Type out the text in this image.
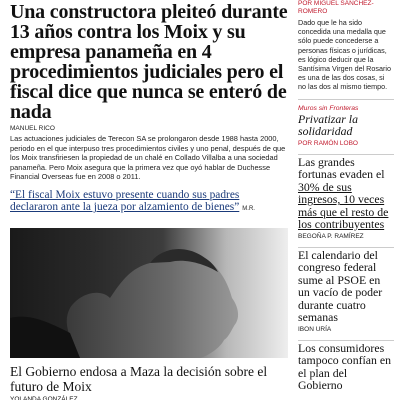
Una constructora pleiteó durante 13 años contra los Moix y su empresa panameña en 4 procedimientos judiciales pero el fiscal dice que nunca se enteró de nada
MANUEL RICO
Las actuaciones judiciales de Terecon SA se prolongaron desde 1988 hasta 2000, periodo en el que interpuso tres procedimientos civiles y uno penal, después de que los Moix transfiriesen la propiedad de un chalé en Collado Villalba a una sociedad panameña. Pero Moix asegura que la primera vez que oyó hablar de Duchesse Financial Overseas fue en 2008 o 2011.
“El fiscal Moix estuvo presente cuando sus padres declararon ante la jueza por alzamiento de bienes” M.R.
El Gobierno endosa a Maza la decisión sobre el futuro de Moix
YOLANDA GONZÁLEZ
POR MIGUEL SÁNCHEZ-ROMERO
Dado que le ha sido concedida una medalla que sólo puede concederse a personas físicas o jurídicas, es lógico deducir que la Santísima Virgen del Rosario es una de las dos cosas, si no las dos al mismo tiempo.
Muros sin Fronteras
Privatizar la solidaridad
POR RAMÓN LOBO
Las grandes fortunas evaden el 30% de sus ingresos, 10 veces más que el resto de los contribuyentes
BEGOÑA P. RAMÍREZ
El calendario del congreso federal sume al PSOE en un vacío de poder durante cuatro semanas
IBON URÍA
Los consumidores tampoco confían en el plan del Gobierno
